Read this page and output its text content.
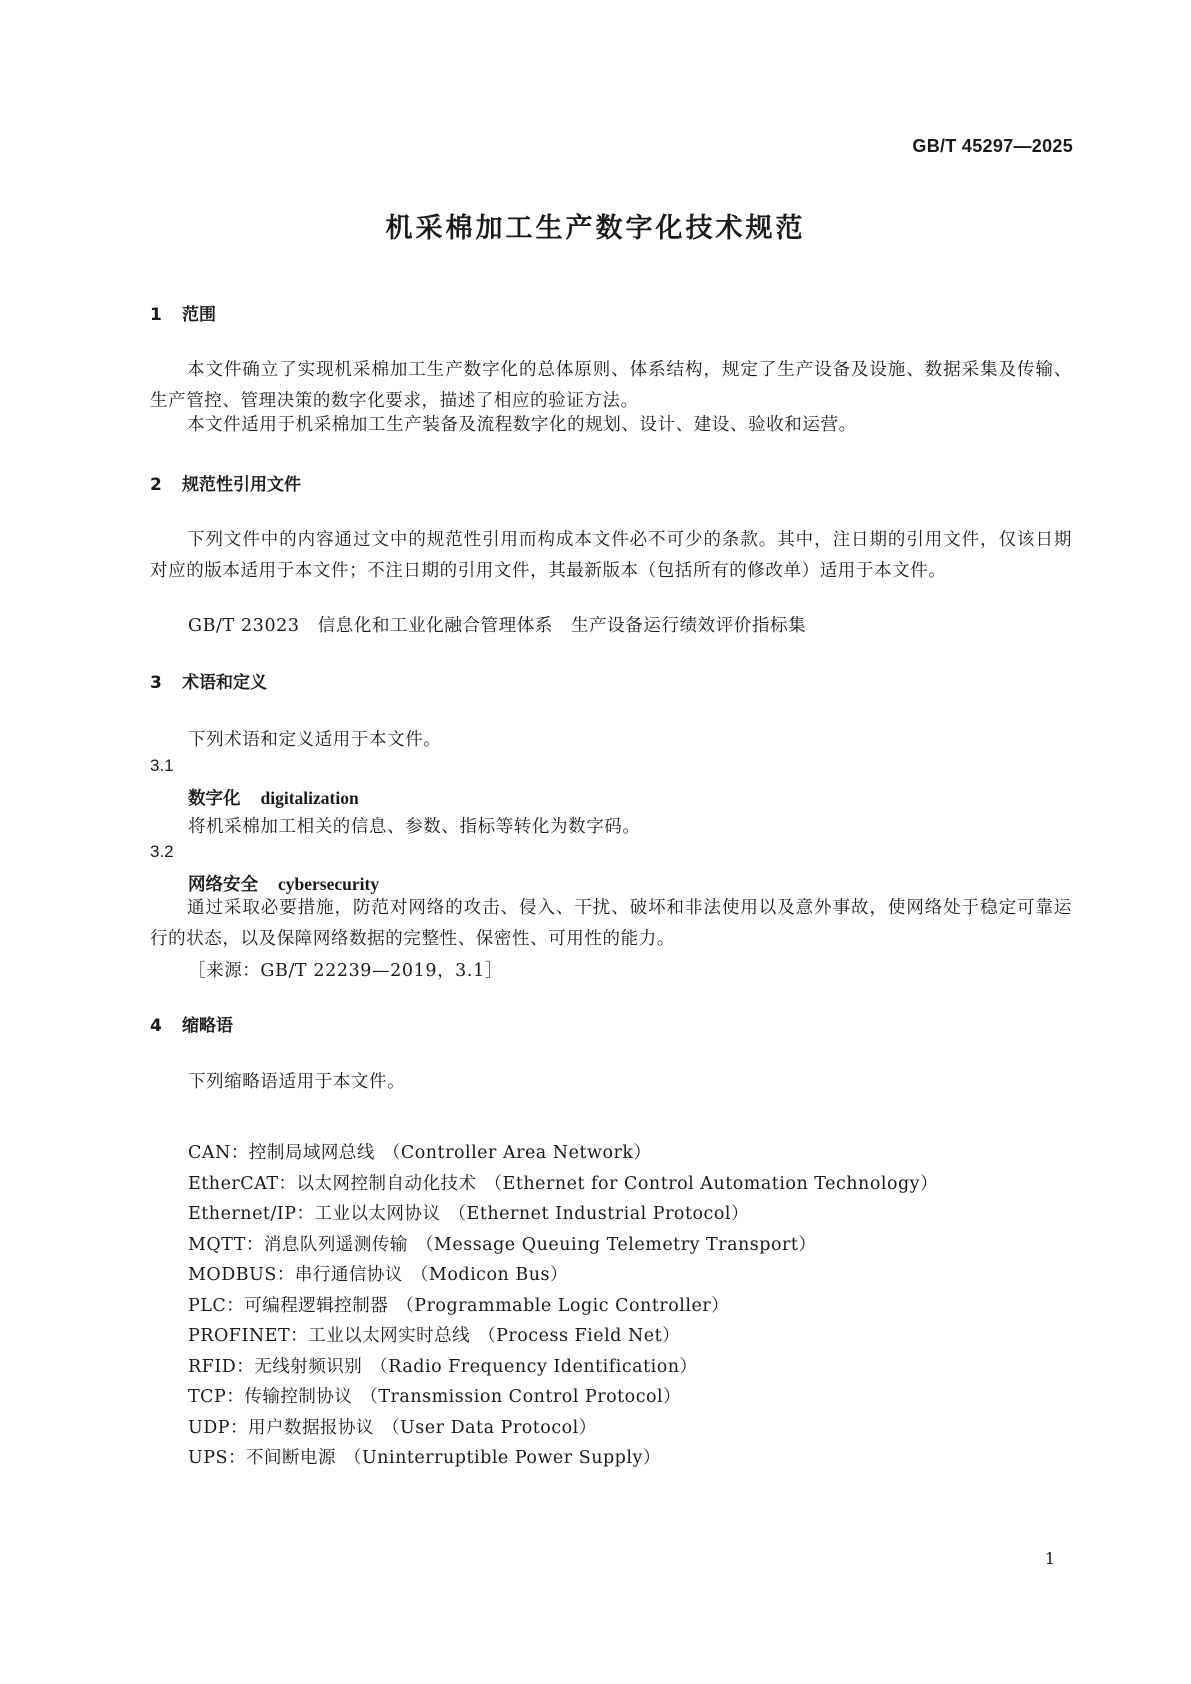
GB/T 45297—2025
机采棉加工生产数字化技术规范
1 范围
本文件确立了实现机采棉加工生产数字化的总体原则、体系结构，规定了生产设备及设施、数据采集及传输、生产管控、管理决策的数字化要求，描述了相应的验证方法。
本文件适用于机采棉加工生产装备及流程数字化的规划、设计、建设、验收和运营。
2 规范性引用文件
下列文件中的内容通过文中的规范性引用而构成本文件必不可少的条款。其中，注日期的引用文件，仅该日期对应的版本适用于本文件；不注日期的引用文件，其最新版本（包括所有的修改单）适用于本文件。
GB/T 23023 信息化和工业化融合管理体系 生产设备运行绩效评价指标集
3 术语和定义
下列术语和定义适用于本文件。
3.1
数字化 digitalization
将机采棉加工相关的信息、参数、指标等转化为数字码。
3.2
网络安全 cybersecurity
通过采取必要措施，防范对网络的攻击、侵入、干扰、破坏和非法使用以及意外事故，使网络处于稳定可靠运行的状态，以及保障网络数据的完整性、保密性、可用性的能力。
［来源：GB/T 22239—2019，3.1］
4 缩略语
下列缩略语适用于本文件。
CAN：控制局域网总线 （Controller Area Network）
EtherCAT：以太网控制自动化技术 （Ethernet for Control Automation Technology）
Ethernet/IP：工业以太网协议 （Ethernet Industrial Protocol）
MQTT：消息队列遥测传输 （Message Queuing Telemetry Transport）
MODBUS：串行通信协议 （Modicon Bus）
PLC：可编程逻辑控制器 （Programmable Logic Controller）
PROFINET：工业以太网实时总线 （Process Field Net）
RFID：无线射频识别 （Radio Frequency Identification）
TCP：传输控制协议 （Transmission Control Protocol）
UDP：用户数据报协议 （User Data Protocol）
UPS：不间断电源 （Uninterruptible Power Supply）
1
